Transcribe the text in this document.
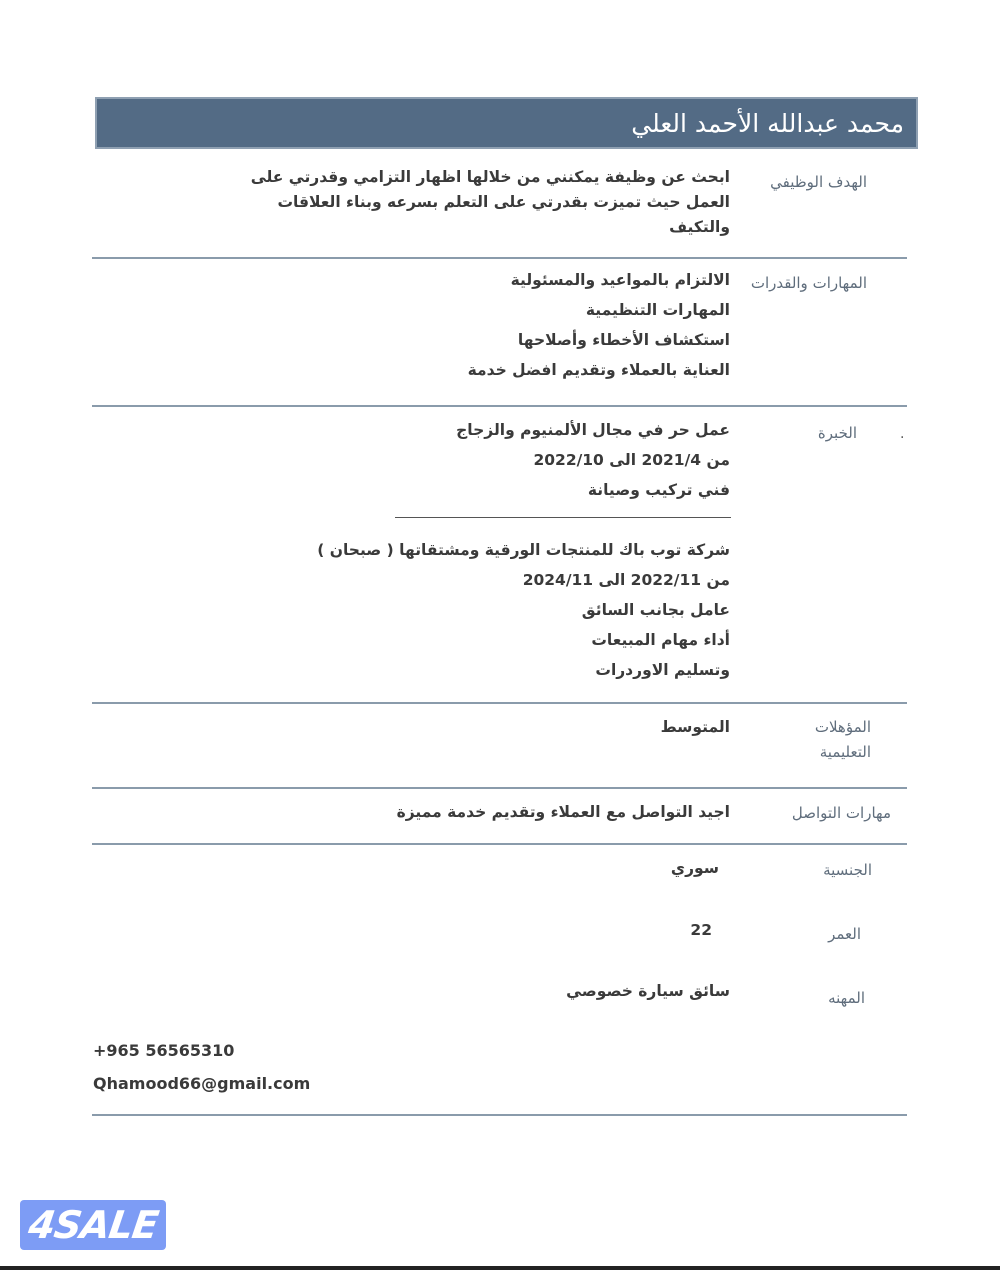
محمد عبدالله الأحمد العلي
الهدف الوظيفي
ابحث عن وظيفة يمكنني من خلالها اظهار التزامي وقدرتي على
العمل حيث تميزت بقدرتي على التعلم بسرعه وبناء العلاقات
والتكيف
المهارات والقدرات
الالتزام بالمواعيد والمسئولية
المهارات التنظيمية
استكشاف الأخطاء وأصلاحها
العناية بالعملاء وتقديم افضل خدمة
.
الخبرة
عمل حر في مجال الألمنيوم والزجاج
من 2021/4 الى 2022/10
فني تركيب وصيانة
شركة توب باك للمنتجات الورقية ومشتقاتها ( صبحان )
من 2022/11 الى 2024/11
عامل بجانب السائق
أداء مهام المبيعات
وتسليم الاوردرات
المؤهلات
التعليمية
المتوسط
مهارات التواصل
اجيد التواصل مع العملاء وتقديم خدمة مميزة
الجنسية
سوري
العمر
22
المهنه
سائق سيارة خصوصي
+965 56565310
Qhamood66@gmail.com
4SALE
